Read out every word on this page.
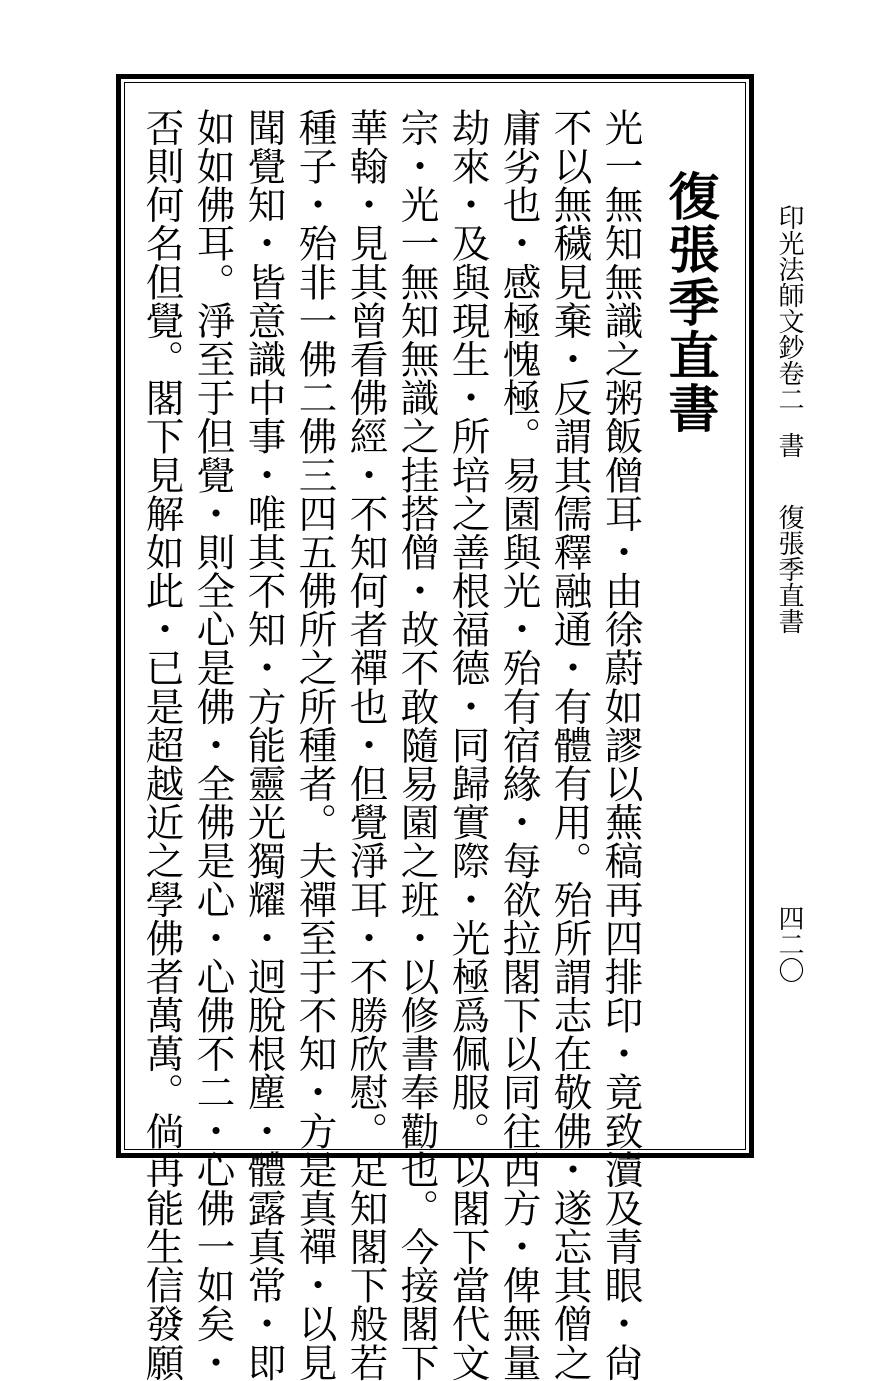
印光法師文鈔卷二書復張季直書
四二〇
復張季直書
光一無知無識之粥飯僧耳・由徐蔚如謬以蕪稿再四排印・竟致瀆及青眼・尙
不以無穢見棄・反謂其儒釋融通・有體有用。殆所謂志在敬佛・遂忘其僧之
庸劣也・感極愧極。易園與光・殆有宿緣・每欲拉閣下以同往西方・俾無量
劫來・及與現生・所培之善根福德・同歸實際・光極爲佩服。以閣下當代文
宗・光一無知無識之挂搭僧・故不敢隨易園之班・以修書奉勸也。今接閣下
華翰・見其曾看佛經・不知何者禪也・但覺淨耳・不勝欣慰。足知閣下般若
種子・殆非一佛二佛三四五佛所之所種者。夫禪至于不知・方是真禪・以見
聞覺知・皆意識中事・唯其不知・方能靈光獨耀・迥脫根塵・體露真常・即
如如佛耳。淨至于但覺・則全心是佛・全佛是心・心佛不二・心佛一如矣・
否則何名但覺。閣下見解如此・已是超越近之學佛者萬萬。倘再能生信發願
